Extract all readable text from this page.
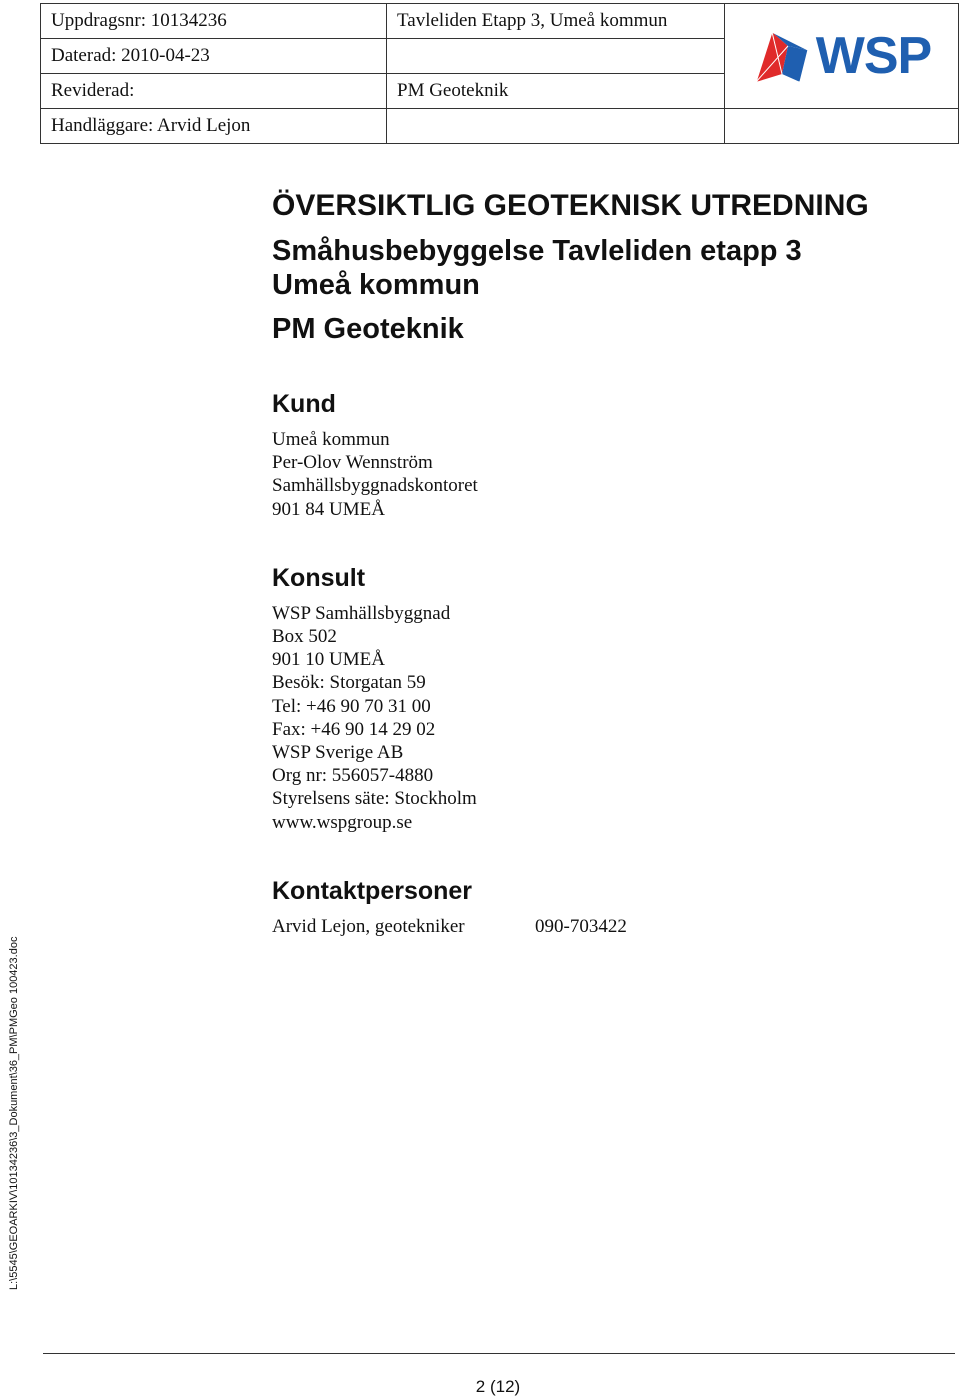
Uppdragsnr: 10134236	Tavleliden Etapp 3, Umeå kommun	WSP

Daterad: 2010-04-23		
Reviderad:	PM Geoteknik	
Handläggare: Arvid Lejon		
ÖVERSIKTLIG GEOTEKNISK UTREDNING
Småhusbebyggelse Tavleliden etapp 3
Umeå kommun
PM Geoteknik
Kund
Umeå kommun
Per-Olov Wennström
Samhällsbyggnadskontoret
901 84 UMEÅ
Konsult
WSP Samhällsbyggnad
Box 502
901 10 UMEÅ
Besök: Storgatan 59
Tel: +46 90 70 31 00
Fax: +46 90 14 29 02
WSP Sverige AB
Org nr: 556057-4880
Styrelsens säte: Stockholm
www.wspgroup.se
Kontaktpersoner
Arvid Lejon, geotekniker	090-703422
L:\5545\GEOARKIV\10134236\3_Dokument\36_PM\PMGeo 100423.doc
2 (12)
